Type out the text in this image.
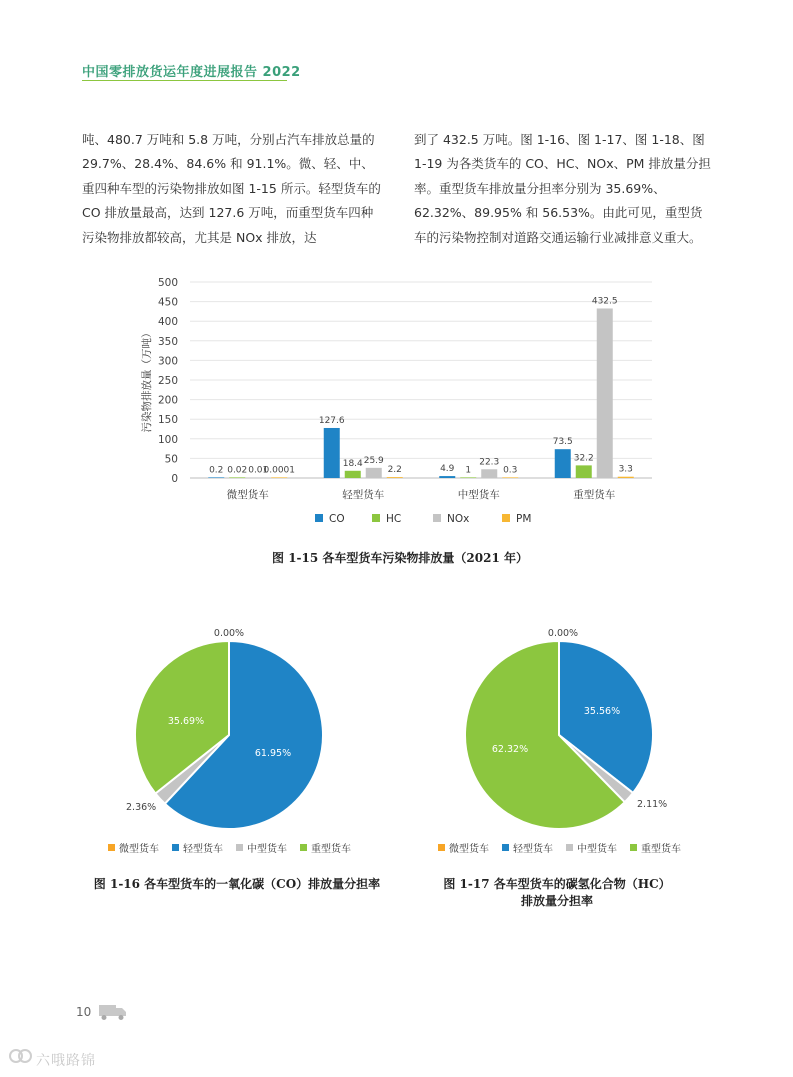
中国零排放货运年度进展报告 2022
吨、480.7 万吨和 5.8 万吨，分别占汽车排放总量的 29.7%、28.4%、84.6% 和 91.1%。微、轻、中、重四种车型的污染物排放如图 1-15 所示。轻型货车的 CO 排放量最高，达到 127.6 万吨，而重型货车四种污染物排放都较高，尤其是 NOx 排放，达
到了 432.5 万吨。图 1-16、图 1-17、图 1-18、图 1-19 为各类货车的 CO、HC、NOx、PM 排放量分担率。重型货车排放量分担率分别为 35.69%、62.32%、89.95% 和 56.53%。由此可见，重型货车的污染物控制对道路交通运输行业减排意义重大。
0
50
100
150
200
250
300
350
400
450
500
污染物排放量（万吨）
0.2 0.02 0.01
0.0001
微型货车
127.6
18.4 25.9
2.2
轻型货车
4.9 1
22.3
0.3
中型货车
73.5
32.2
432.5
3.3
重型货车
CO	HC	NOx	PM
图 1-15 各车型货车污染物排放量（2021 年）
0.00%
61.95%
2.36%
35.69%
微型货车 轻型货车 中型货车 重型货车
图 1-16 各车型货车的一氧化碳（CO）排放量分担率
0.00%
35.56%
2.11%
62.32%
微型货车 轻型货车 中型货车 重型货车
图 1-17 各车型货车的碳氢化合物（HC）
排放量分担率
10
六哦路锦
